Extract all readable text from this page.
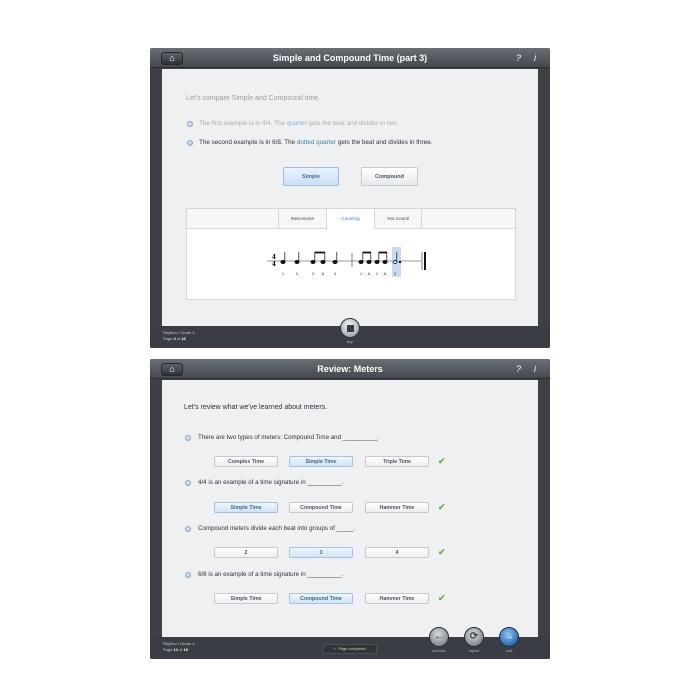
⌂	Simple and Compound Time (part 3)	? i
Let's compare Simple and Compound time.
The first example is in 4/4. The quarter gets the beat and divides in two.
The second example is in 6/8. The dotted quarter gets the beat and divides in three.
Simple	Compound
Metronome	Counting	You Count!
4
4
1	2	3 & 4	1 & 2 & 3
Rhythm / Grade 4
Page 4 of 16
stop
⌂	Review: Meters	? i
Let's review what we've learned about meters.
There are two types of meters: Compound Time and __________.
Complex Time	Simple Time	Triple Time	✔
4/4 is an example of a time signature in __________.
Simple Time	Compound Time	Hammer Time	✔
Compound meters divide each beat into groups of _____.
2	3	4	✔
6/8 is an example of a time signature in __________.
Simple Time	Compound Time	Hammer Time	✔
Rhythm / Grade 4
Page 14 of 16	✔ Page completed.
←
previous
⟳
repeat
→
next
